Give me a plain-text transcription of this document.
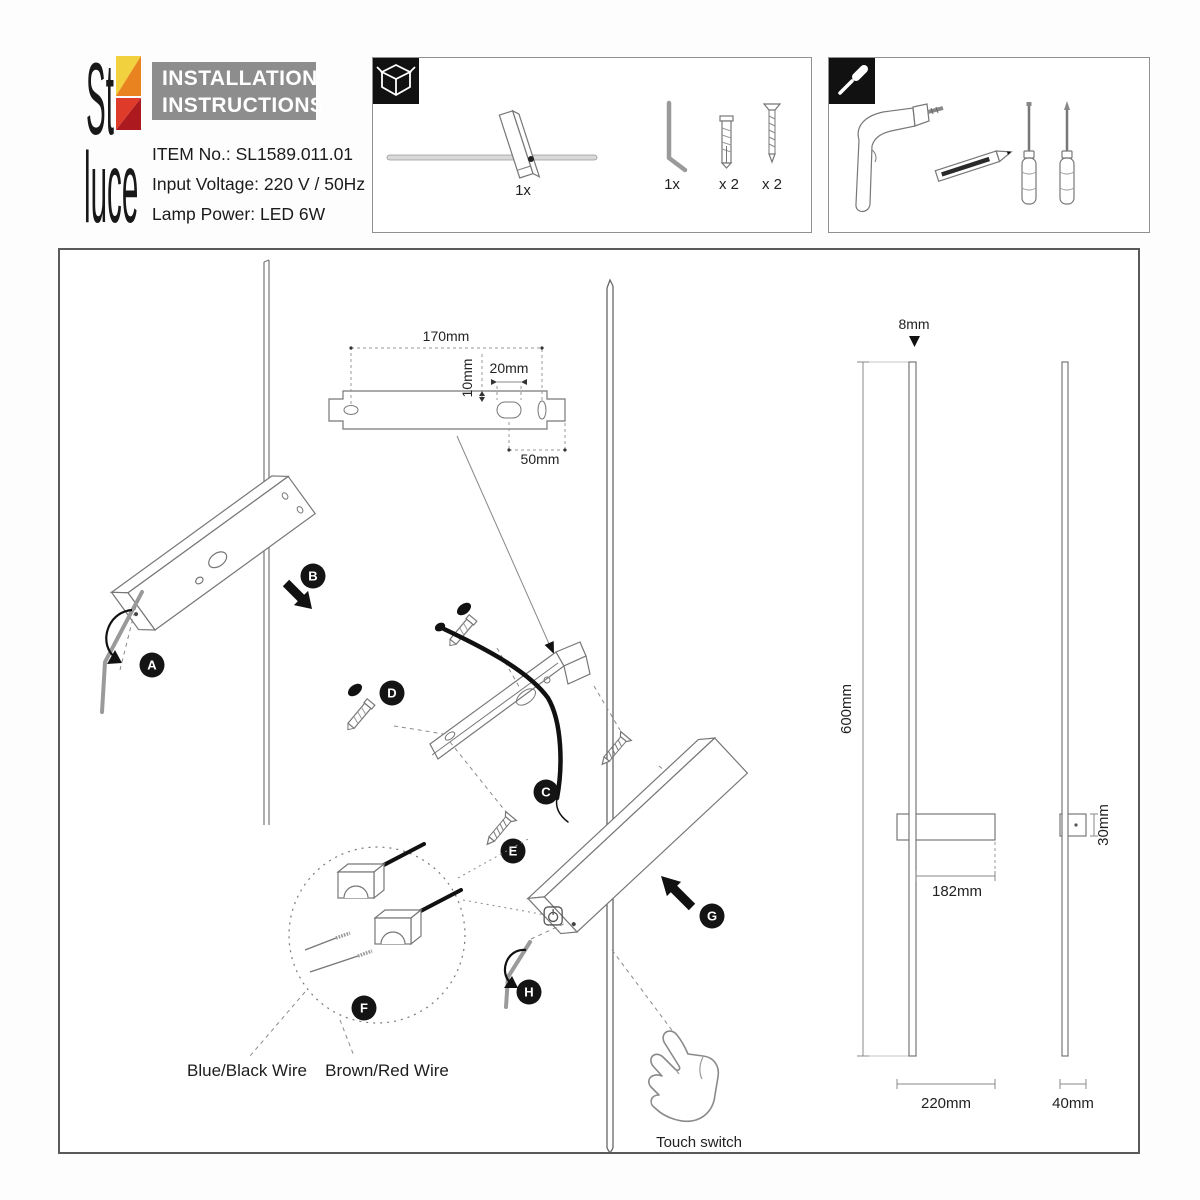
St
luce
INSTALLATION
INSTRUCTIONS
ITEM No.: SL1589.011.01
Input Voltage: 220 V / 50Hz
Lamp Power: LED 6W
1x	1x	x 2 x 2
A
B
170mm
10mm 20mm
50mm
D
C
E
F
Blue/Black Wire Brown/Red Wire
G
H
Touch switch
8mm
600mm
182mm
220mm
30mm
40mm
